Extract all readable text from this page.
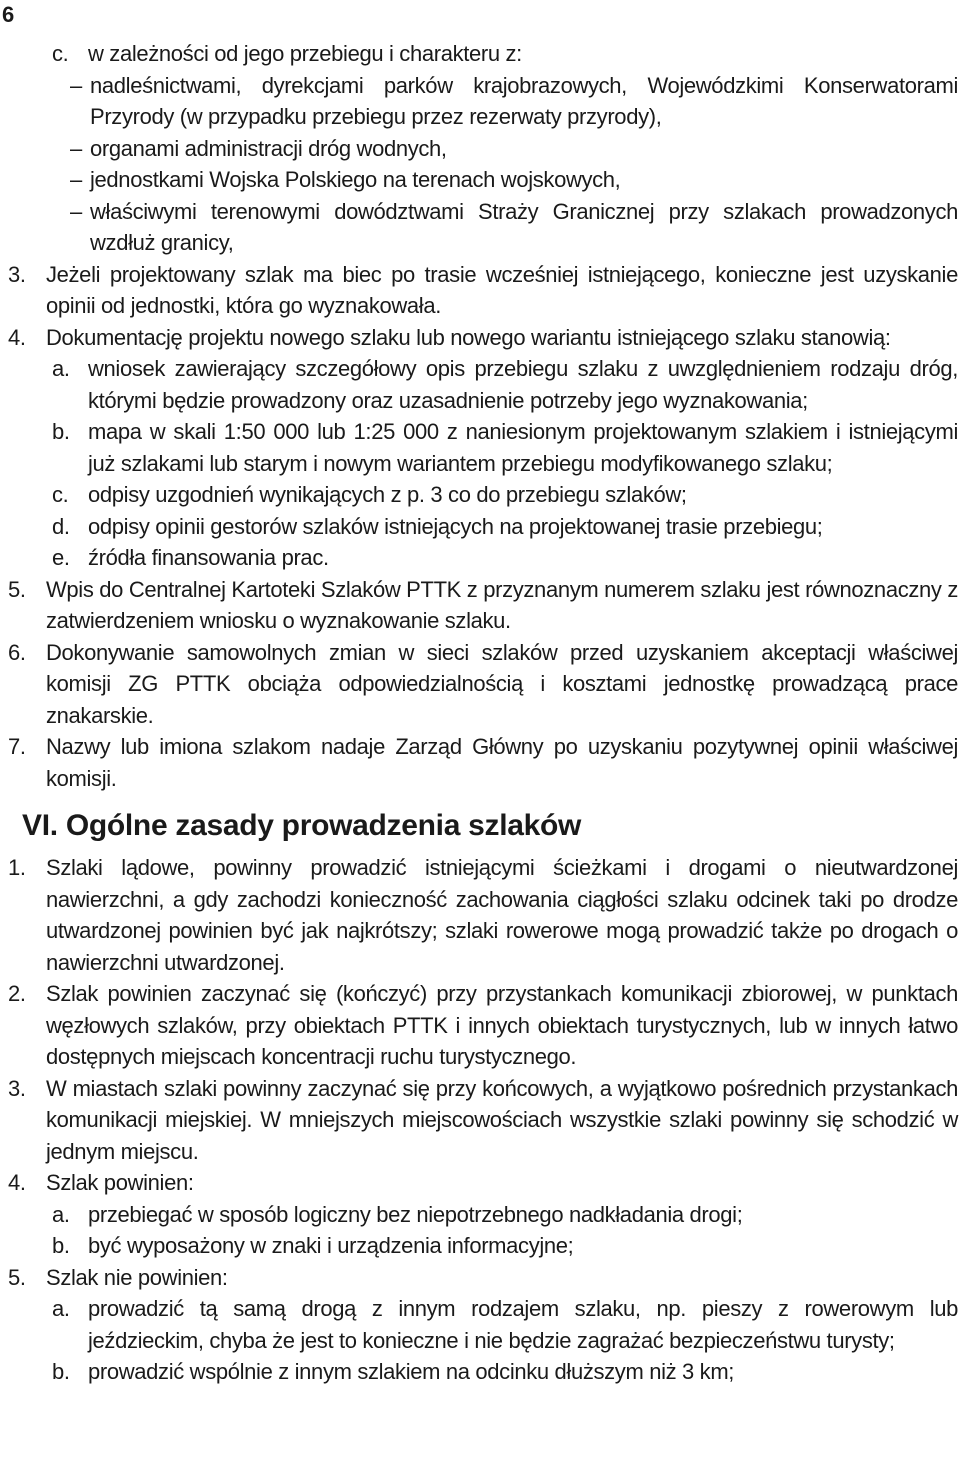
6
c. w zależności od jego przebiegu i charakteru z:
– nadleśnictwami, dyrekcjami parków krajobrazowych, Wojewódzkimi Konserwatorami Przyrody (w przypadku przebiegu przez rezerwaty przyrody),
– organami administracji dróg wodnych,
– jednostkami Wojska Polskiego na terenach wojskowych,
– właściwymi terenowymi dowództwami Straży Granicznej przy szlakach prowadzonych wzdłuż granicy,
3. Jeżeli projektowany szlak ma biec po trasie wcześniej istniejącego, konieczne jest uzyskanie opinii od jednostki, która go wyznakowała.
4. Dokumentację projektu nowego szlaku lub nowego wariantu istniejącego szlaku stanowią:
a. wniosek zawierający szczegółowy opis przebiegu szlaku z uwzględnieniem rodzaju dróg, którymi będzie prowadzony oraz uzasadnienie potrzeby jego wyznakowania;
b. mapa w skali 1:50 000 lub 1:25 000 z naniesionym projektowanym szlakiem i istniejącymi już szlakami lub starym i nowym wariantem przebiegu modyfikowanego szlaku;
c. odpisy uzgodnień wynikających z p. 3 co do przebiegu szlaków;
d. odpisy opinii gestorów szlaków istniejących na projektowanej trasie przebiegu;
e. źródła finansowania prac.
5. Wpis do Centralnej Kartoteki Szlaków PTTK z przyznanym numerem szlaku jest równoznaczny z zatwierdzeniem wniosku o wyznakowanie szlaku.
6. Dokonywanie samowolnych zmian w sieci szlaków przed uzyskaniem akceptacji właściwej komisji ZG PTTK obciąża odpowiedzialnością i kosztami jednostkę prowadzącą prace znakarskie.
7. Nazwy lub imiona szlakom nadaje Zarząd Główny po uzyskaniu pozytywnej opinii właściwej komisji.
VI. Ogólne zasady prowadzenia szlaków
1. Szlaki lądowe, powinny prowadzić istniejącymi ścieżkami i drogami o nieutwardzonej nawierzchni, a gdy zachodzi konieczność zachowania ciągłości szlaku odcinek taki po drodze utwardzonej powinien być jak najkrótszy; szlaki rowerowe mogą prowadzić także po drogach o nawierzchni utwardzonej.
2. Szlak powinien zaczynać się (kończyć) przy przystankach komunikacji zbiorowej, w punktach węzłowych szlaków, przy obiektach PTTK i innych obiektach turystycznych, lub w innych łatwo dostępnych miejscach koncentracji ruchu turystycznego.
3. W miastach szlaki powinny zaczynać się przy końcowych, a wyjątkowo pośrednich przystankach komunikacji miejskiej. W mniejszych miejscowościach wszystkie szlaki powinny się schodzić w jednym miejscu.
4. Szlak powinien:
a. przebiegać w sposób logiczny bez niepotrzebnego nadkładania drogi;
b. być wyposażony w znaki i urządzenia informacyjne;
5. Szlak nie powinien:
a. prowadzić tą samą drogą z innym rodzajem szlaku, np. pieszy z rowerowym lub jeździeckim, chyba że jest to konieczne i nie będzie zagrażać bezpieczeństwu turysty;
b. prowadzić wspólnie z innym szlakiem na odcinku dłuższym niż 3 km;
